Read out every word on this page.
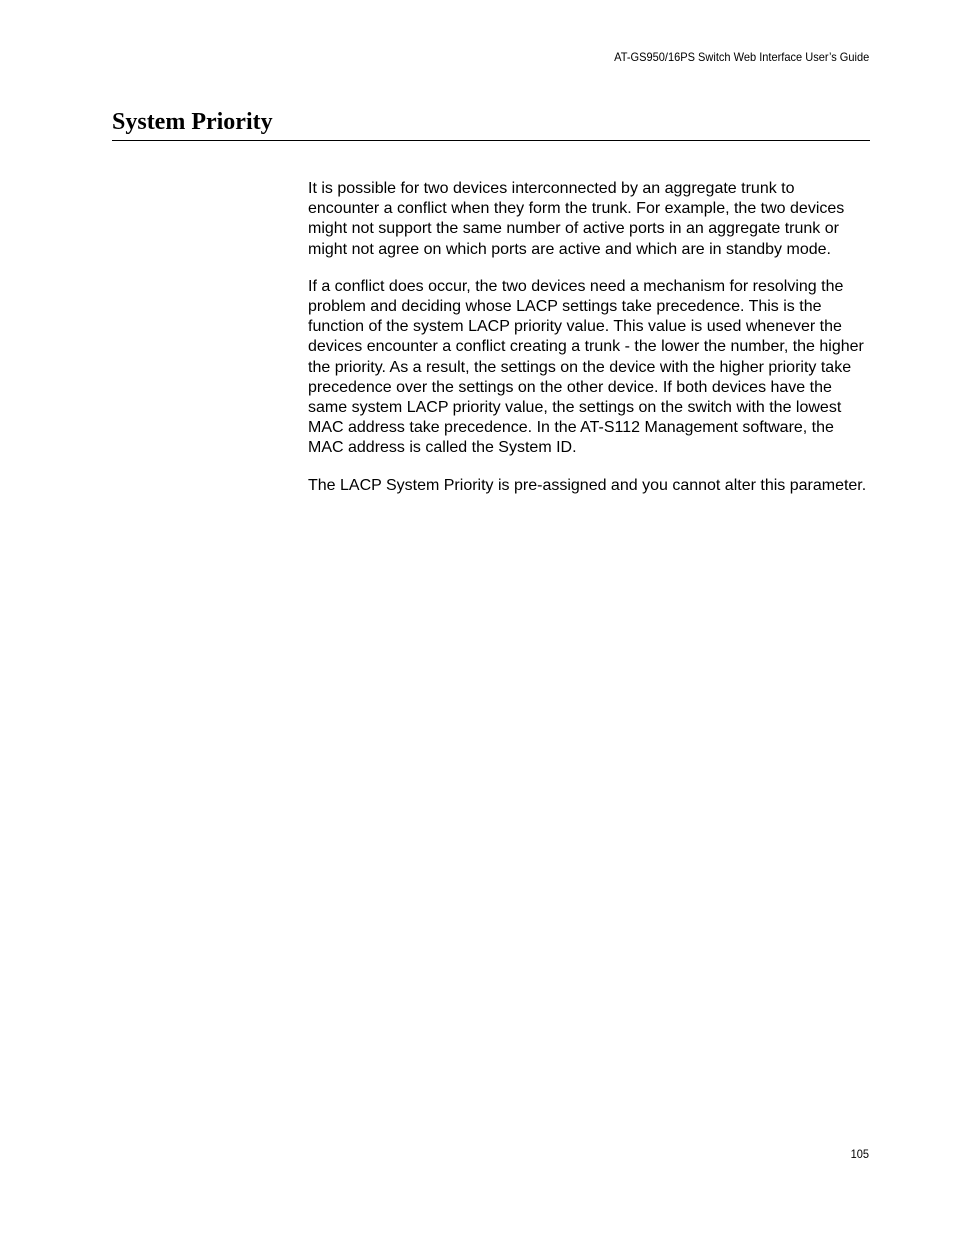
AT-GS950/16PS Switch Web Interface User’s Guide
System Priority

It is possible for two devices interconnected by an aggregate trunk to encounter a conflict when they form the trunk. For example, the two devices might not support the same number of active ports in an aggregate trunk or might not agree on which ports are active and which are in standby mode.

If a conflict does occur, the two devices need a mechanism for resolving the problem and deciding whose LACP settings take precedence. This is the function of the system LACP priority value. This value is used whenever the devices encounter a conflict creating a trunk - the lower the number, the higher the priority. As a result, the settings on the device with the higher priority take precedence over the settings on the other device. If both devices have the same system LACP priority value, the settings on the switch with the lowest MAC address take precedence. In the AT-S112 Management software, the MAC address is called the System ID.

The LACP System Priority is pre-assigned and you cannot alter this parameter.

105
